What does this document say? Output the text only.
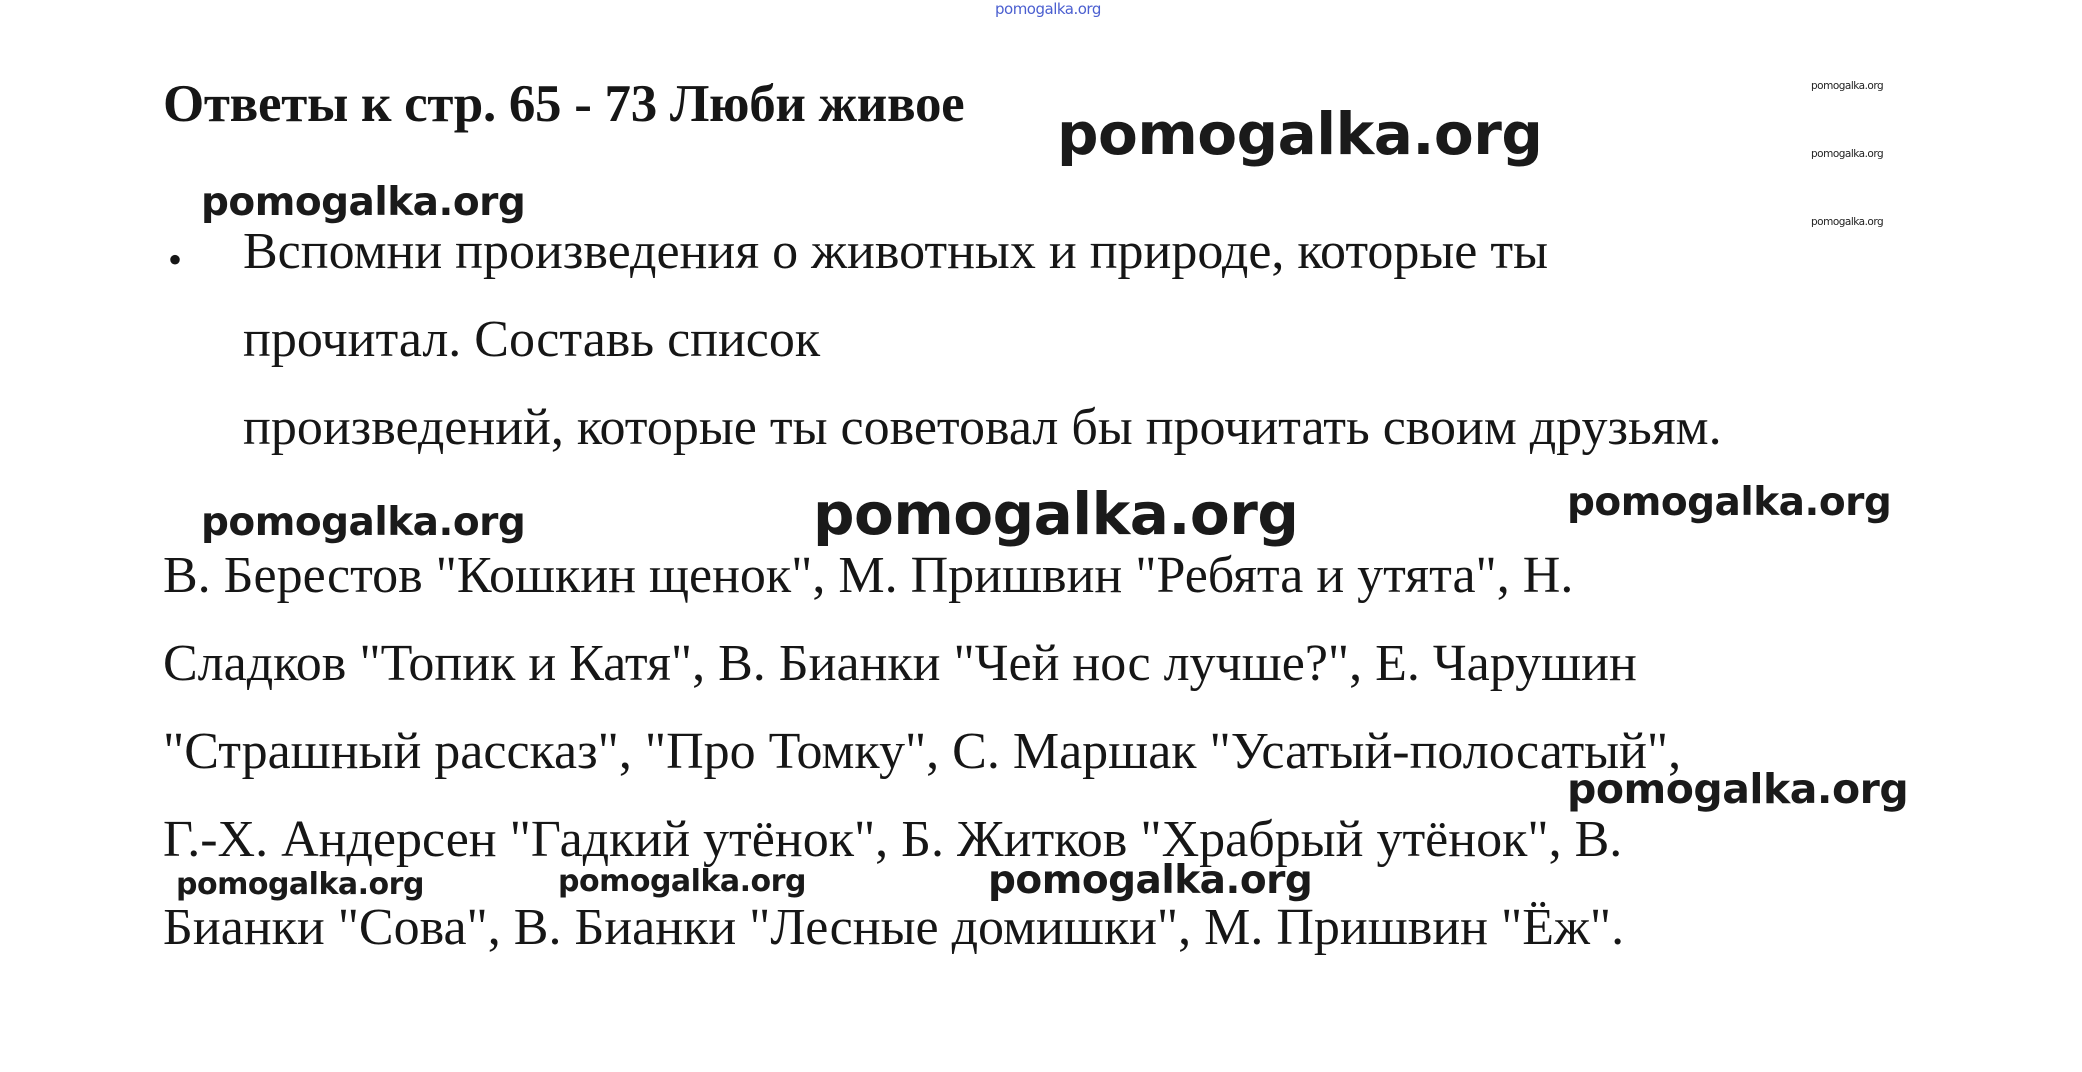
pomogalka.org
Ответы к стр. 65 - 73 Люби живое
• Вспомни произведения о животных и природе, которые ты
прочитал. Составь список
произведений, которые ты советовал бы прочитать своим друзьям.
В. Берестов "Кошкин щенок", М. Пришвин "Ребята и утята", Н.
Сладков "Топик и Катя", В. Бианки "Чей нос лучше?", Е. Чарушин
"Страшный рассказ", "Про Томку", С. Маршак "Усатый-полосатый",
Г.-Х. Андерсен "Гадкий утёнок", Б. Житков "Храбрый утёнок", В.
Бианки "Сова", В. Бианки "Лесные домишки", М. Пришвин "Ёж".
pomogalka.org
pomogalka.org
pomogalka.org
pomogalka.org
pomogalka.org
pomogalka.org	pomogalka.org	pomogalka.org
pomogalka.org
pomogalka.org	pomogalka.org	pomogalka.org
